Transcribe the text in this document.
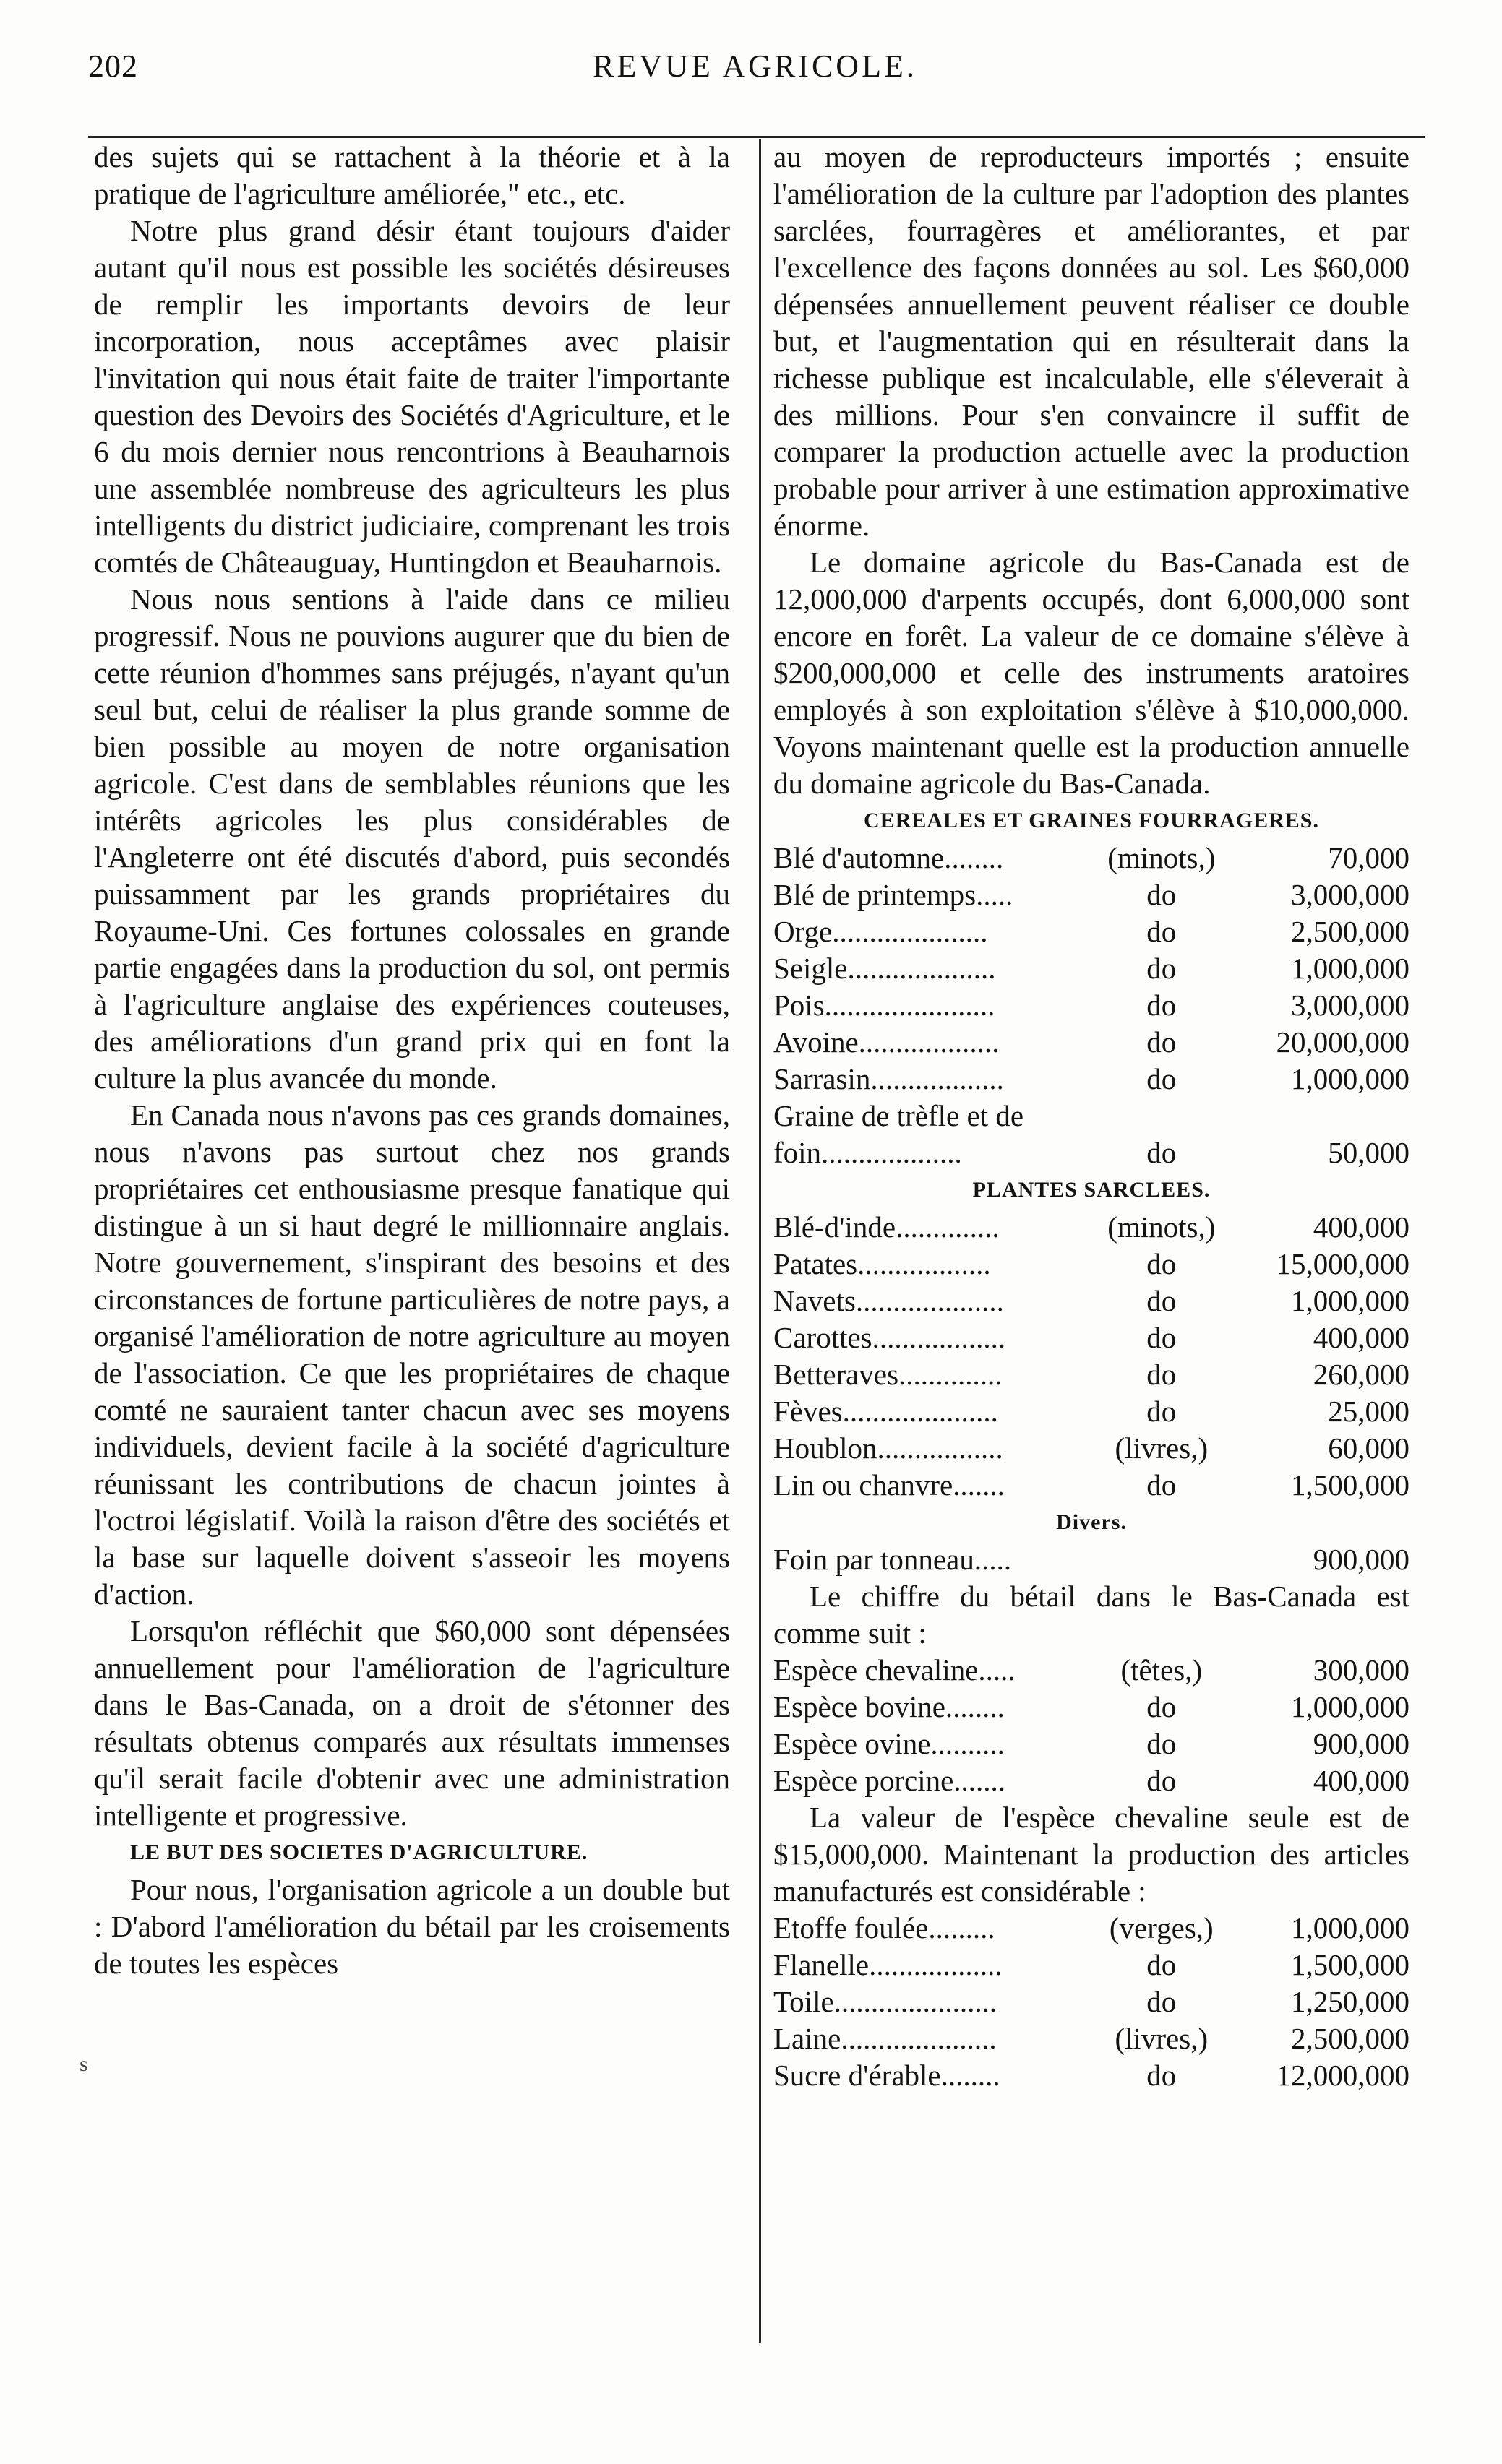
202	REVUE AGRICOLE.

des sujets qui se rattachent à la théorie et à la pratique de l'agriculture améliorée," etc., etc.

Notre plus grand désir étant toujours d'aider autant qu'il nous est possible les sociétés désireuses de remplir les importants devoirs de leur incorporation, nous acceptâmes avec plaisir l'invitation qui nous était faite de traiter l'importante question des Devoirs des Sociétés d'Agriculture, et le 6 du mois dernier nous rencontrions à Beauharnois une assemblée nombreuse des agriculteurs les plus intelligents du district judiciaire, comprenant les trois comtés de Châteauguay, Huntingdon et Beauharnois.

Nous nous sentions à l'aide dans ce milieu progressif. Nous ne pouvions augurer que du bien de cette réunion d'hommes sans préjugés, n'ayant qu'un seul but, celui de réaliser la plus grande somme de bien possible au moyen de notre organisation agricole. C'est dans de semblables réunions que les intérêts agricoles les plus considérables de l'Angleterre ont été discutés d'abord, puis secondés puissamment par les grands propriétaires du Royaume-Uni. Ces fortunes colossales en grande partie engagées dans la production du sol, ont permis à l'agriculture anglaise des expériences couteuses, des améliorations d'un grand prix qui en font la culture la plus avancée du monde.

En Canada nous n'avons pas ces grands domaines, nous n'avons pas surtout chez nos grands propriétaires cet enthousiasme presque fanatique qui distingue à un si haut degré le millionnaire anglais. Notre gouvernement, s'inspirant des besoins et des circonstances de fortune particulières de notre pays, a organisé l'amélioration de notre agriculture au moyen de l'association. Ce que les propriétaires de chaque comté ne sauraient tanter chacun avec ses moyens individuels, devient facile à la société d'agriculture réunissant les contributions de chacun jointes à l'octroi législatif. Voilà la raison d'être des sociétés et la base sur laquelle doivent s'asseoir les moyens d'action.

Lorsqu'on réfléchit que $60,000 sont dépensées annuellement pour l'amélioration de l'agriculture dans le Bas-Canada, on a droit de s'étonner des résultats obtenus comparés aux résultats immenses qu'il serait facile d'obtenir avec une administration intelligente et progressive.

LE BUT DES SOCIETES D'AGRICULTURE.

Pour nous, l'organisation agricole a un double but : D'abord l'amélioration du bétail par les croisements de toutes les espèces

s

au moyen de reproducteurs importés ; ensuite l'amélioration de la culture par l'adoption des plantes sarclées, fourragères et améliorantes, et par l'excellence des façons données au sol. Les $60,000 dépensées annuellement peuvent réaliser ce double but, et l'augmentation qui en résulterait dans la richesse publique est incalculable, elle s'éleverait à des millions. Pour s'en convaincre il suffit de comparer la production actuelle avec la production probable pour arriver à une estimation approximative énorme.

Le domaine agricole du Bas-Canada est de 12,000,000 d'arpents occupés, dont 6,000,000 sont encore en forêt. La valeur de ce domaine s'élève à $200,000,000 et celle des instruments aratoires employés à son exploitation s'élève à $10,000,000. Voyons maintenant quelle est la production annuelle du domaine agricole du Bas-Canada.

CEREALES ET GRAINES FOURRAGERES.

Blé d'automne........	(minots,)	70,000
Blé de printemps.....	do	3,000,000
Orge.....................	do	2,500,000
Seigle....................	do	1,000,000
Pois.......................	do	3,000,000
Avoine...................	do	20,000,000
Sarrasin..................	do	1,000,000
Graine de trèfle et de foin...................	do	50,000

PLANTES SARCLEES.

Blé-d'inde..............	(minots,)	400,000
Patates..................	do	15,000,000
Navets....................	do	1,000,000
Carottes..................	do	400,000
Betteraves..............	do	260,000
Fèves.....................	do	25,000
Houblon.................	(livres,)	60,000
Lin ou chanvre.......	do	1,500,000

Divers.

Foin par tonneau.....		900,000

Le chiffre du bétail dans le Bas-Canada est comme suit :

Espèce chevaline.....	(têtes,)	300,000
Espèce bovine........	do	1,000,000
Espèce ovine..........	do	900,000
Espèce porcine.......	do	400,000

La valeur de l'espèce chevaline seule est de $15,000,000. Maintenant la production des articles manufacturés est considérable :

Etoffe foulée.........	(verges,)	1,000,000
Flanelle..................	do	1,500,000
Toile......................	do	1,250,000
Laine.....................	(livres,)	2,500,000
Sucre d'érable........	do	12,000,000
